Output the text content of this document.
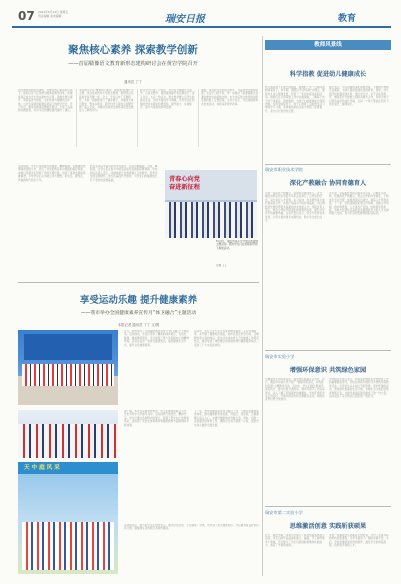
07 2024年6月14日 星期五
责任编辑 美术编辑	瑞安日报	教育
聚焦核心素养 探索教学创新
——首届赣豫语文教育新形态建构研讨会在黄岩学院召开
通讯员 丁丁
语文教育的新形态建构，需要在核心素养的引领下，探索以学习任务群为载体的教学改革，使课堂真正成为学生语言建构与运用、思维发展与提升、审美鉴赏与创造、文化传承与理解的主阵地。与会专家围绕新课标背景下的教学设计、学习评价、课堂实施等话题展开研讨，分享了各地的实践经验，并对今后的课程建设提出了建议。
本次研讨会以“聚焦核心素养，探索教学创新”为主题，来自各地的中小学语文教师、教研员以及高校学者齐聚一堂。会上，专家们作了专题报告，多位一线教师进行了课堂展示，并围绕大单元教学、整本书阅读、跨学科学习等热点问题开展了深入交流，为推动区域语文教育高质量发展注入了新的动力。
研讨会还设置了分论坛，与会者分组就作文教学、古诗文教学、阅读素养提升等议题进行了深入讨论。大家一致认为，语文教学要立足学生的真实生活，创设丰富的学习情境，引导学生在积极的语言实践中积累经验、提升能力，实现知识、能力与素养的协同发展。
据悉，本次研讨会的成功举办，为各地语文教师搭建了交流学习的平台，进一步推动了新课程理念在课堂教学中的落地生根，也为今后语文教育的创新发展积累了宝贵经验。主办方表示，今后将继续举办此类活动，持续深化教学改革。
教师风景线
科学指教 促进幼儿健康成长
幼儿园是孩子们成长的摇篮，教师的一言一行都深刻影响着孩子。本学期，我园以“科学指教”为理念，围绕幼儿身心健康发展，开展了一系列丰富多彩的活动。教师们在日常保教工作中注重观察，了解每个孩子的个体差异，因材施教，为孩子们的健康成长保驾护航。在科学的指导下，孩子们养成了良好的生活习惯和学习习惯，身体素质和综合能力得到了显著提升，家长们对此纷纷点赞。
园长表示，今后将继续深化保教改革，不断提升教师专业素养，为幼儿提供更加优质的教育。同时，幼儿园还将加强家园共育，通过家长会、亲子活动等形式，增进家长与教师之间的沟通与合作，共同为孩子们营造良好的成长环境，让每一个孩子都能在阳光下快乐成长、健康成长。
青春心向党
奋进新征程
6月5日，瑞安市某小学开展庆祝建党主题活动。图为学生们在老师的带领下参加活动。
记者 丁丁
活动现场，学生们身着整齐的服装，精神饱满，以饱满的热情和昂扬的斗志，表达了对党的热爱和对祖国的美好祝愿。老师们带领学生回顾了党的光辉历程，讲述了革命先辈的英雄事迹，引导学生们从小树立远大理想，听党话、跟党走，争做新时代的好少年。
此次活动以丰富多彩的形式展开，包括诗歌朗诵、合唱、舞蹈等，让学生们在参与中感受到爱党爱国的深厚情感。学校相关负责人表示，将继续把红色教育融入日常教学，培养学生的家国情怀，使红色基因代代相传，为学生们的健康成长打下坚实的思想基础。
瑞安市职业技术学院
深化产教融合 协同育德育人
为进一步深化产教融合，促进校企协同育人，近日，瑞安市职业技术学院与多家企业举行了合作签约仪式。双方将在人才培养、实习实训、技术研发等方面开展深度合作，共同打造高水平的实训基地，为区域经济发展培养更多高素质技术技能人才。学院负责人表示，此次合作是学院深化教育教学改革、提升办学水平的重要举措。企业代表也表示，将充分发挥自身优势，为学生提供更多实践机会，助力学生成长成才。
近年来，学院始终坚持以服务为宗旨、以就业为导向，积极探索产教融合、校企合作的办学模式，不断优化专业设置，加强师资队伍建设，提高人才培养质量。下一步，学院将继续拓展合作领域，创新合作机制，推动教育链、人才链与产业链、创新链有机衔接，为地方经济社会高质量发展提供有力的人才支撑和智力支持，努力打造特色鲜明的职业院校。
享受运动乐趣 提升健康素养
——我市举办全国健康素养宣传月“体卫融合”主题活动
本报记者 通讯员 丁丁 文/图
近日，我市举办了全国健康素养宣传月“体卫融合”主题活动。活动现场，学生们带来了精彩的体育展示，有武术、跳绳、健美操等项目，充分展现了青少年积极向上的精神风貌。活动旨在进一步普及健康知识，倡导健康生活方式，提升全民健康素养。
活动中，医疗卫生专家还为现场群众提供了义诊咨询服务，并开展了健康知识讲座，向市民普及科学运动、合理膳食等方面的知识。此次活动将体育与卫生健康工作紧密结合，推动形成了体医融合的疾病管理与健康服务模式，受到了广大市民的欢迎。
据了解，本次活动由市教育局、市卫生健康局联合主办，全市多所中小学参与其中。活动现场气氛热烈，精彩纷呈。学生们通过各种形式的展示，展现了阳光向上的青春风采，也体现了学校在体育教育和健康教育方面取得的丰硕成果。
下一步，我市将继续深化体卫融合工作，不断完善健康促进体系，推动健康教育进校园、进社区、进家庭，让健康理念深入人心，为建设健康城市贡献力量。同时，将进一步加强学校体育工作，确保学生每天锻炼一小时，促进学生身心健康全面发展。
天 中 庭 风 采
活动结束后，参与的学生们纷纷表示，通过这次活动，不仅锻炼了身体，还学到了很多健康知识，今后要养成良好的运动习惯，做健康生活的践行者和传播者。
瑞安市实验小学
增强环保意识 共筑绿色家园
为增强学生的环保意识，倡导绿色低碳生活方式，近日，瑞安市实验小学开展了“增强环保意识，共筑绿色家园”主题教育活动。活动中，学生们通过观看环保宣传片、参与垃圾分类游戏、制作环保手工作品等形式，深入了解了环境保护的重要性。学校还组织学生走进社区，开展环保宣传和志愿服务活动，向居民宣传垃圾分类知识。
学校相关负责人表示，环境保护教育是学校德育工作的重要组成部分，学校将持续开展形式多样的环保教育活动，引导学生从小树立节约资源、保护环境的意识，养成绿色低碳的生活习惯，争做生态文明的宣传者和践行者，为建设美丽家园贡献自己的一份力量。活动受到了家长和社区居民的一致好评。
瑞安市第二实验小学
思维激活创意 实践斩获硕果
近日，瑞安市第二实验小学举行了科技创新成果展示活动。学生们的作品涵盖机器人、编程、手工制作等多个领域，充分展示了学生们的创新思维和实践能力，收获了丰硕的成果。
学校一直重视学生创新能力的培养，开设了丰富多彩的科技社团课程，为学生提供了广阔的实践平台。今后，学校将继续深化科技教育，激发学生的创造潜能，培养更多创新人才。
